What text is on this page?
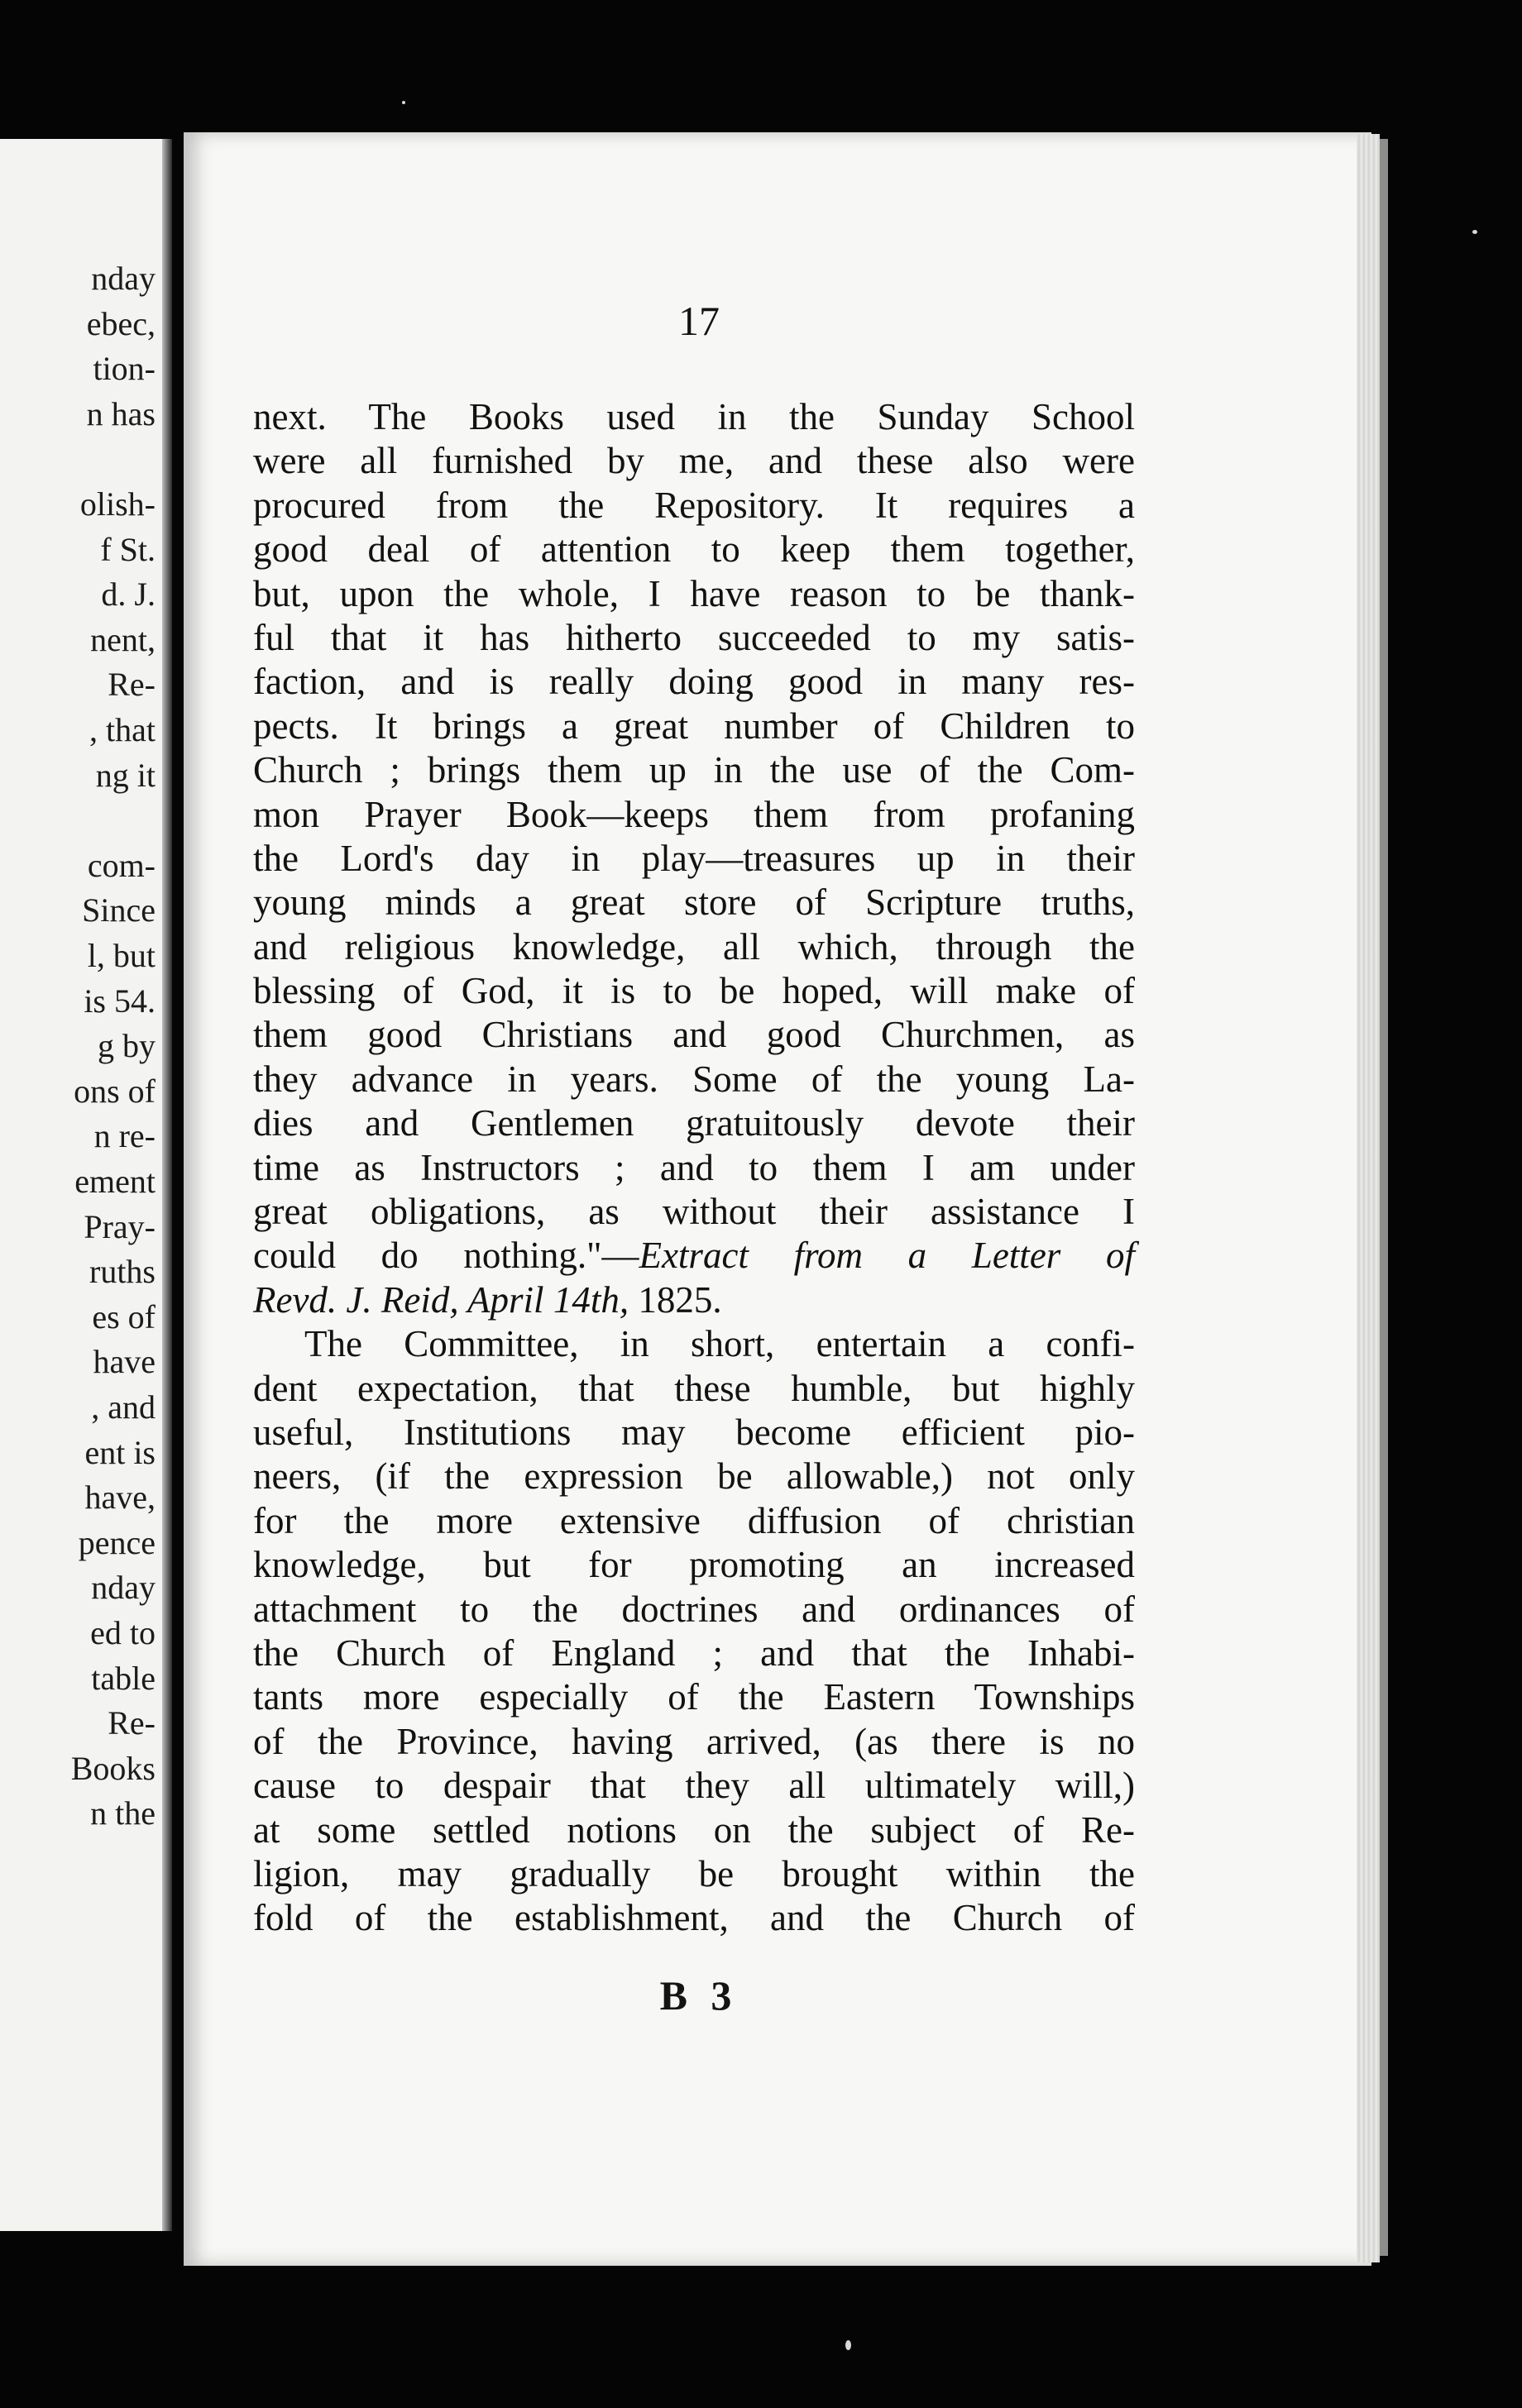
nday
ebec,
tion-
n has
olish-
f St.
d. J.
nent,
Re-
, that
ng it
com-
Since
l, but
is 54.
g by
ons of
n re-
ement
Pray-
ruths
es of
have
, and
ent is
have,
pence
nday
ed to
table
Re-
Books
n the
17
next. The Books used in the Sunday School
were all furnished by me, and these also were
procured from the Repository. It requires a
good deal of attention to keep them together,
but, upon the whole, I have reason to be thank-
ful that it has hitherto succeeded to my satis-
faction, and is really doing good in many res-
pects. It brings a great number of Children to
Church ; brings them up in the use of the Com-
mon Prayer Book—keeps them from profaning
the Lord's day in play—treasures up in their
young minds a great store of Scripture truths,
and religious knowledge, all which, through the
blessing of God, it is to be hoped, will make of
them good Christians and good Churchmen, as
they advance in years. Some of the young La-
dies and Gentlemen gratuitously devote their
time as Instructors ; and to them I am under
great obligations, as without their assistance I
could do nothing."—Extract from a Letter of
Revd. J. Reid, April 14th, 1825.
The Committee, in short, entertain a confi-
dent expectation, that these humble, but highly
useful, Institutions may become efficient pio-
neers, (if the expression be allowable,) not only
for the more extensive diffusion of christian
knowledge, but for promoting an increased
attachment to the doctrines and ordinances of
the Church of England ; and that the Inhabi-
tants more especially of the Eastern Townships
of the Province, having arrived, (as there is no
cause to despair that they all ultimately will,)
at some settled notions on the subject of Re-
ligion, may gradually be brought within the
fold of the establishment, and the Church of
B 3
